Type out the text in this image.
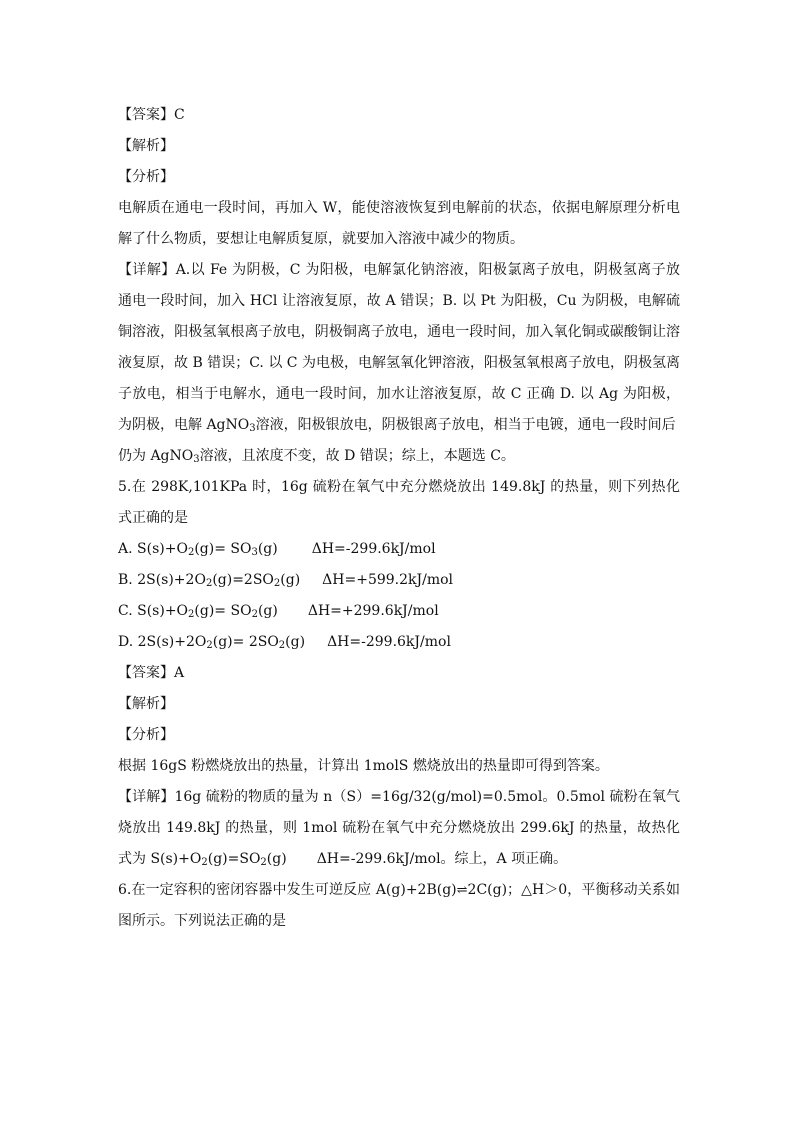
【答案】C
【解析】
【分析】
电解质在通电一段时间，再加入 W，能使溶液恢复到电解前的状态，依据电解原理分析电
解了什么物质，要想让电解质复原，就要加入溶液中减少的物质。
【详解】A.以 Fe 为阴极，C 为阳极，电解氯化钠溶液，阳极氯离子放电，阴极氢离子放
通电一段时间，加入 HCl 让溶液复原，故 A 错误；B. 以 Pt 为阳极，Cu 为阴极，电解硫
铜溶液，阳极氢氧根离子放电，阴极铜离子放电，通电一段时间，加入氧化铜或碳酸铜让溶
液复原，故 B 错误；C. 以 C 为电极，电解氢氧化钾溶液，阳极氢氧根离子放电，阴极氢离
子放电，相当于电解水，通电一段时间，加水让溶液复原，故 C 正确 D. 以 Ag 为阳极，
为阴极，电解 AgNO$_3$溶液，阳极银放电，阴极银离子放电，相当于电镀，通电一段时间后
仍为 AgNO$_3$溶液，且浓度不变，故 D 错误；综上，本题选 C。
5.在 298K,101KPa 时，16g 硫粉在氧气中充分燃烧放出 149.8kJ 的热量，则下列热化
式正确的是
A. $S(s)+O_2(g)= SO_3(g)$ ΔH=-299.6kJ/mol
B. $2S(s)+2O_2(g)=2SO_2(g)$ ΔH=+599.2kJ/mol
C. $S(s)+O_2(g)= SO_2(g)$ ΔH=+299.6kJ/mol
D. $2S(s)+2O_2(g)= 2SO_2(g)$ ΔH=-299.6kJ/mol
【答案】A
【解析】
【分析】
根据 16gS 粉燃烧放出的热量，计算出 1molS 燃烧放出的热量即可得到答案。
【详解】16g 硫粉的物质的量为 n（S）=16g/32(g/mol)=0.5mol。0.5mol 硫粉在氧气
烧放出 149.8kJ 的热量，则 1mol 硫粉在氧气中充分燃烧放出 299.6kJ 的热量，故热化
式为 $S(s)+O_2(g)=SO_2(g)$ ΔH=-299.6kJ/mol。综上，A 项正确。
6.在一定容积的密闭容器中发生可逆反应 A(g)+2B(g)⇌2C(g)；△H＞0，平衡移动关系如
图所示。下列说法正确的是
